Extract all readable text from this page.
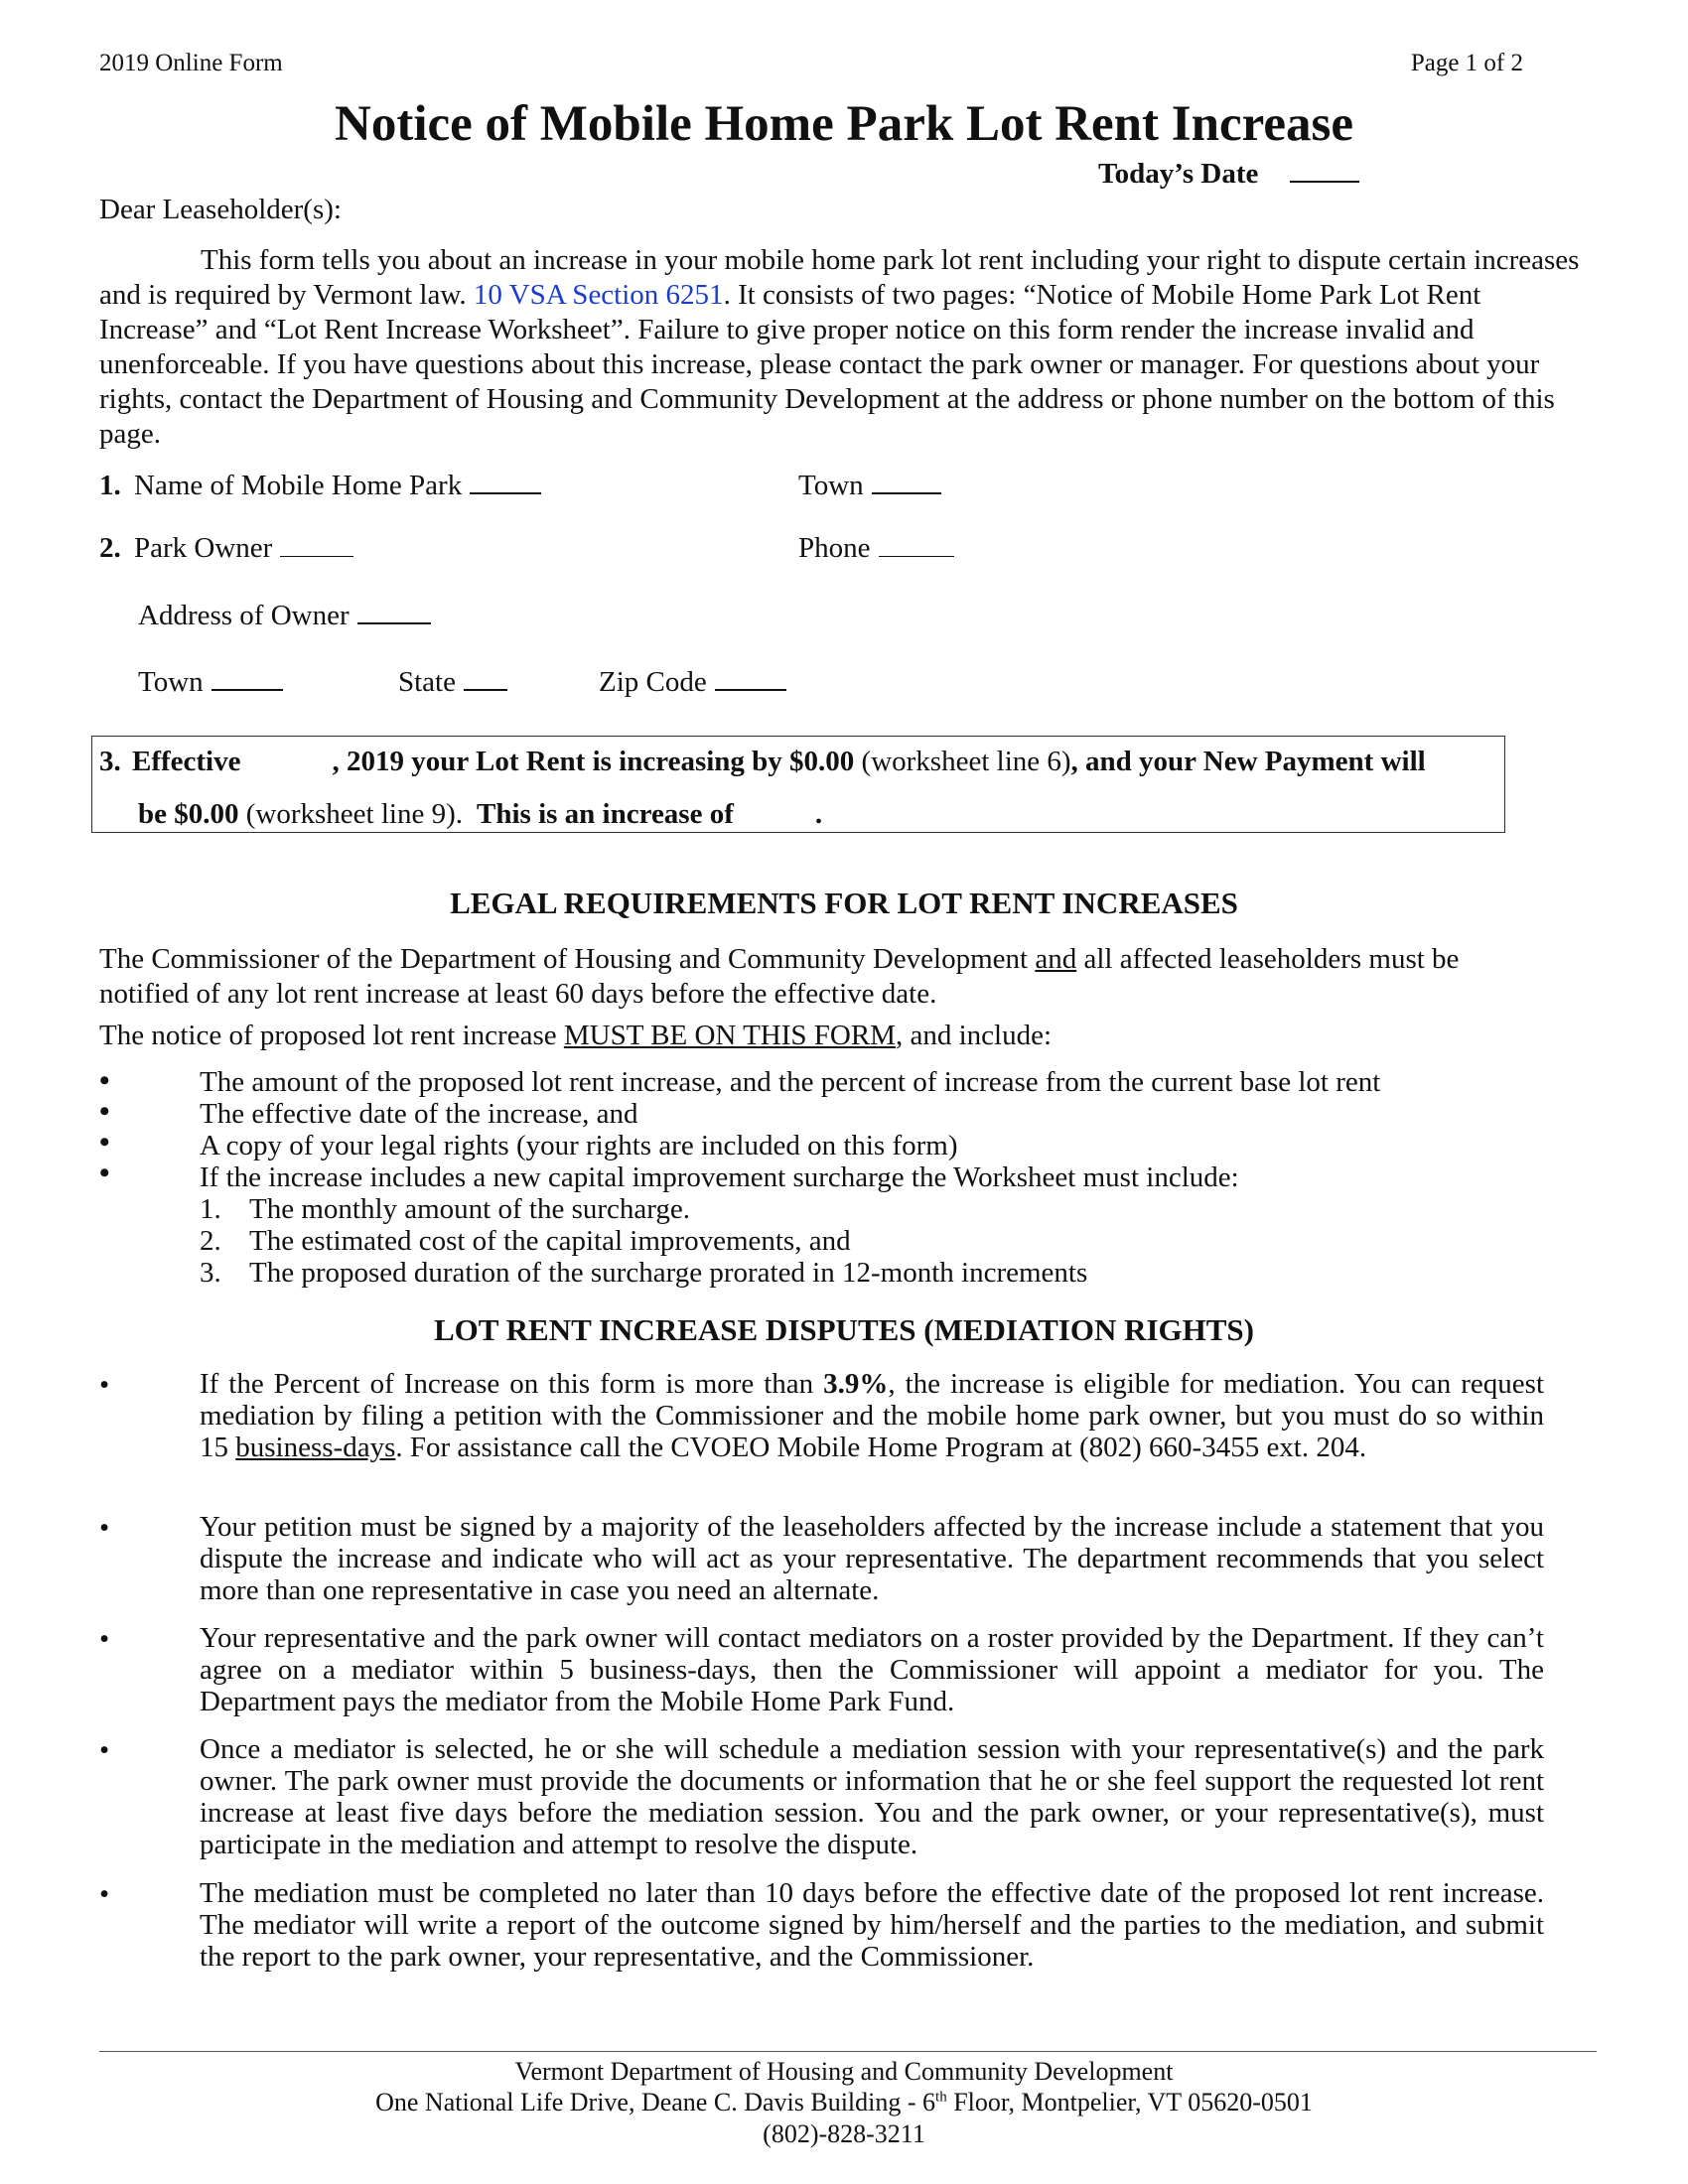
2019 Online Form	Page 1 of 2
Notice of Mobile Home Park Lot Rent Increase
Today’s Date
Dear Leaseholder(s):
This form tells you about an increase in your mobile home park lot rent including your right to dispute certain increases and is required by Vermont law. 10 VSA Section 6251. It consists of two pages: “Notice of Mobile Home Park Lot Rent Increase” and “Lot Rent Increase Worksheet”. Failure to give proper notice on this form render the increase invalid and unenforceable. If you have questions about this increase, please contact the park owner or manager. For questions about your rights, contact the Department of Housing and Community Development at the address or phone number on the bottom of this page.
1. Name of Mobile Home Park	Town
2. Park Owner	Phone
Address of Owner
Town	State	Zip Code
3. Effective	, 2019 your Lot Rent is increasing by $0.00 (worksheet line 6), and your New Payment will
be $0.00 (worksheet line 9). This is an increase of	.
LEGAL REQUIREMENTS FOR LOT RENT INCREASES
The Commissioner of the Department of Housing and Community Development and all affected leaseholders must be notified of any lot rent increase at least 60 days before the effective date.
The notice of proposed lot rent increase MUST BE ON THIS FORM, and include:
•
•
•
•
The amount of the proposed lot rent increase, and the percent of increase from the current base lot rent
The effective date of the increase, and
A copy of your legal rights (your rights are included on this form)
If the increase includes a new capital improvement surcharge the Worksheet must include:
1. The monthly amount of the surcharge.
2. The estimated cost of the capital improvements, and
3. The proposed duration of the surcharge prorated in 12-month increments
LOT RENT INCREASE DISPUTES (MEDIATION RIGHTS)
•	If the Percent of Increase on this form is more than 3.9%, the increase is eligible for mediation. You can request mediation by filing a petition with the Commissioner and the mobile home park owner, but you must do so within 15 business-days. For assistance call the CVOEO Mobile Home Program at (802) 660-3455 ext. 204.
•	Your petition must be signed by a majority of the leaseholders affected by the increase include a statement that you dispute the increase and indicate who will act as your representative. The department recommends that you select more than one representative in case you need an alternate.
•	Your representative and the park owner will contact mediators on a roster provided by the Department. If they can’t agree on a mediator within 5 business-days, then the Commissioner will appoint a mediator for you. The Department pays the mediator from the Mobile Home Park Fund.
•	Once a mediator is selected, he or she will schedule a mediation session with your representative(s) and the park owner. The park owner must provide the documents or information that he or she feel support the requested lot rent increase at least five days before the mediation session. You and the park owner, or your representative(s), must participate in the mediation and attempt to resolve the dispute.
•	The mediation must be completed no later than 10 days before the effective date of the proposed lot rent increase. The mediator will write a report of the outcome signed by him/herself and the parties to the mediation, and submit the report to the park owner, your representative, and the Commissioner.
Vermont Department of Housing and Community Development
One National Life Drive, Deane C. Davis Building - 6th Floor, Montpelier, VT 05620-0501
(802)-828-3211
